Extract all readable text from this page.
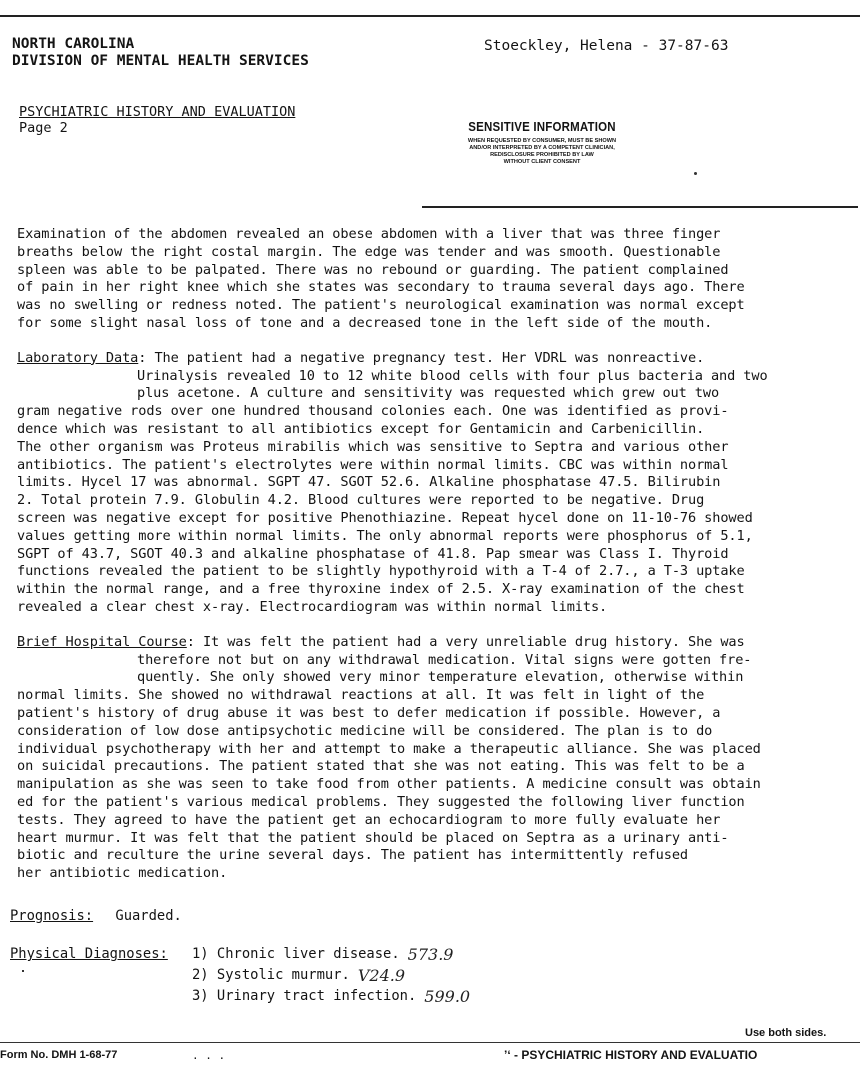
NORTH CAROLINA
DIVISION OF MENTAL HEALTH SERVICES
Stoeckley, Helena - 37-87-63
PSYCHIATRIC HISTORY AND EVALUATION
Page 2	SENSITIVE INFORMATION
WHEN REQUESTED BY CONSUMER, MUST BE SHOWN
AND/OR INTERPRETED BY A COMPETENT CLINICIAN,
REDISCLOSURE PROHIBITED BY LAW
WITHOUT CLIENT CONSENT
Examination of the abdomen revealed an obese abdomen with a liver that was three finger
breaths below the right costal margin. The edge was tender and was smooth. Questionable
spleen was able to be palpated. There was no rebound or guarding. The patient complained
of pain in her right knee which she states was secondary to trauma several days ago. There
was no swelling or redness noted. The patient's neurological examination was normal except
for some slight nasal loss of tone and a decreased tone in the left side of the mouth.
Laboratory Data: The patient had a negative pregnancy test. Her VDRL was nonreactive.
Urinalysis revealed 10 to 12 white blood cells with four plus bacteria and two
plus acetone. A culture and sensitivity was requested which grew out two
gram negative rods over one hundred thousand colonies each. One was identified as provi-
dence which was resistant to all antibiotics except for Gentamicin and Carbenicillin.
The other organism was Proteus mirabilis which was sensitive to Septra and various other
antibiotics. The patient's electrolytes were within normal limits. CBC was within normal
limits. Hycel 17 was abnormal. SGPT 47. SGOT 52.6. Alkaline phosphatase 47.5. Bilirubin
2. Total protein 7.9. Globulin 4.2. Blood cultures were reported to be negative. Drug
screen was negative except for positive Phenothiazine. Repeat hycel done on 11-10-76 showed
values getting more within normal limits. The only abnormal reports were phosphorus of 5.1,
SGPT of 43.7, SGOT 40.3 and alkaline phosphatase of 41.8. Pap smear was Class I. Thyroid
functions revealed the patient to be slightly hypothyroid with a T-4 of 2.7., a T-3 uptake
within the normal range, and a free thyroxine index of 2.5. X-ray examination of the chest
revealed a clear chest x-ray. Electrocardiogram was within normal limits.
Brief Hospital Course: It was felt the patient had a very unreliable drug history. She was
therefore not but on any withdrawal medication. Vital signs were gotten fre-
quently. She only showed very minor temperature elevation, otherwise within
normal limits. She showed no withdrawal reactions at all. It was felt in light of the
patient's history of drug abuse it was best to defer medication if possible. However, a
consideration of low dose antipsychotic medicine will be considered. The plan is to do
individual psychotherapy with her and attempt to make a therapeutic alliance. She was placed
on suicidal precautions. The patient stated that she was not eating. This was felt to be a
manipulation as she was seen to take food from other patients. A medicine consult was obtain
ed for the patient's various medical problems. They suggested the following liver function
tests. They agreed to have the patient get an echocardiogram to more fully evaluate her
heart murmur. It was felt that the patient should be placed on Septra as a urinary anti-
biotic and reculture the urine several days. The patient has intermittently refused
her antibiotic medication.
Prognosis: Guarded.
Physical Diagnoses:	1) Chronic liver disease. 573.9
2) Systolic murmur. V24.9
3) Urinary tract infection. 599.0
Use both sides.
Form No. DMH 1-68-77	. . .	’‘ - PSYCHIATRIC HISTORY AND EVALUATIO
